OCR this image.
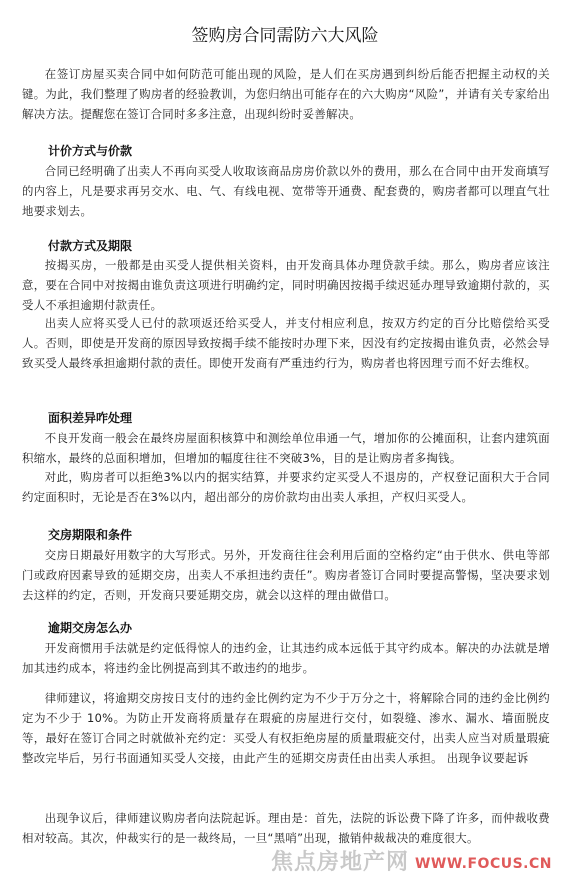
签购房合同需防六大风险

在签订房屋买卖合同中如何防范可能出现的风险，是人们在买房遇到纠纷后能否把握主动权的关键。为此，我们整理了购房者的经验教训，为您归纳出可能存在的六大购房“风险”，并请有关专家给出解决方法。提醒您在签订合同时多多注意，出现纠纷时妥善解决。

计价方式与价款

合同已经明确了出卖人不再向买受人收取该商品房房价款以外的费用，那么在合同中由开发商填写的内容上，凡是要求再另交水、电、气、有线电视、宽带等开通费、配套费的，购房者都可以理直气壮地要求划去。

付款方式及期限

按揭买房，一般都是由买受人提供相关资料，由开发商具体办理贷款手续。那么，购房者应该注意，要在合同中对按揭由谁负责这项进行明确约定，同时明确因按揭手续迟延办理导致逾期付款的，买受人不承担逾期付款责任。

出卖人应将买受人已付的款项返还给买受人，并支付相应利息，按双方约定的百分比赔偿给买受人。否则，即使是开发商的原因导致按揭手续不能按时办理下来，因没有约定按揭由谁负责，必然会导致买受人最终承担逾期付款的责任。即使开发商有严重违约行为，购房者也将因理亏而不好去维权。

面积差异咋处理

不良开发商一般会在最终房屋面积核算中和测绘单位串通一气，增加你的公摊面积，让套内建筑面积缩水，最终的总面积增加，但增加的幅度往往不突破3%，目的是让购房者多掏钱。

对此，购房者可以拒绝3%以内的据实结算，并要求约定买受人不退房的，产权登记面积大于合同约定面积时，无论是否在3%以内，超出部分的房价款均由出卖人承担，产权归买受人。

交房期限和条件

交房日期最好用数字的大写形式。另外，开发商往往会利用后面的空格约定“由于供水、供电等部门或政府因素导致的延期交房，出卖人不承担违约责任”。购房者签订合同时要提高警惕，坚决要求划去这样的约定，否则，开发商只要延期交房，就会以这样的理由做借口。

逾期交房怎么办

开发商惯用手法就是约定低得惊人的违约金，让其违约成本远低于其守约成本。解决的办法就是增加其违约成本，将违约金比例提高到其不敢违约的地步。

律师建议，将逾期交房按日支付的违约金比例约定为不少于万分之十，将解除合同的违约金比例约定为不少于 10%。为防止开发商将质量存在瑕疵的房屋进行交付，如裂缝、渗水、漏水、墙面脱皮等，最好在签订合同之时就做补充约定：买受人有权拒绝房屋的质量瑕疵交付，出卖人应当对质量瑕疵整改完毕后，另行书面通知买受人交接，由此产生的延期交房责任由出卖人承担。 出现争议要起诉

出现争议后，律师建议购房者向法院起诉。理由是：首先，法院的诉讼费下降了许多，而仲裁收费相对较高。其次，仲裁实行的是一裁终局，一旦“黑哨”出现，撤销仲裁裁决的难度很大。

焦点房地产网 WWW.FOCUS.CN
